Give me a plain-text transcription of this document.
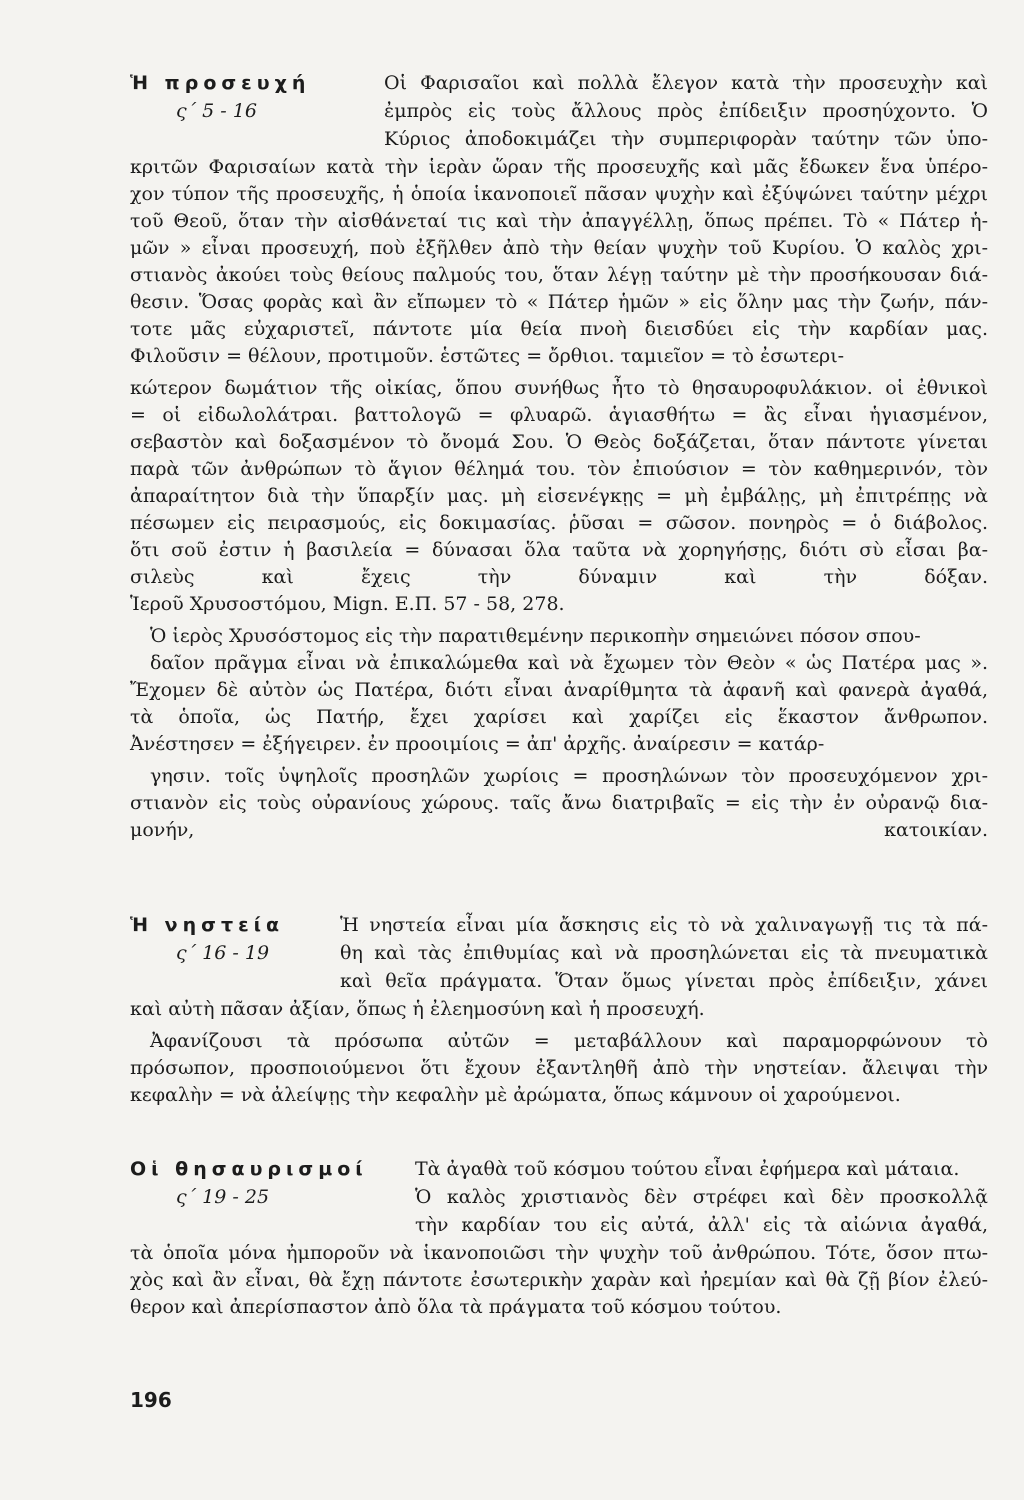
Ἡ προσευχή
ς΄ 5 - 16
Οἱ Φαρισαῖοι καὶ πολλὰ ἔλεγον κατὰ τὴν προσευχὴν καὶ
ἐμπρὸς εἰς τοὺς ἄλλους πρὸς ἐπίδειξιν προσηύχοντο. Ὁ
Κύριος ἀποδοκιμάζει τὴν συμπεριφορὰν ταύτην τῶν ὑπο-
κριτῶν Φαρισαίων κατὰ τὴν ἱερὰν ὥραν τῆς προσευχῆς καὶ μᾶς ἔδωκεν ἕνα ὑπέρο-
χον τύπον τῆς προσευχῆς, ἡ ὁποία ἱκανοποιεῖ πᾶσαν ψυχὴν καὶ ἐξύψώνει ταύτην μέχρι
τοῦ Θεοῦ, ὅταν τὴν αἰσθάνεταί τις καὶ τὴν ἀπαγγέλλῃ, ὅπως πρέπει. Τὸ « Πάτερ ἡ-
μῶν » εἶναι προσευχή, ποὺ ἐξῆλθεν ἀπὸ τὴν θείαν ψυχὴν τοῦ Κυρίου. Ὁ καλὸς χρι-
στιανὸς ἀκούει τοὺς θείους παλμούς του, ὅταν λέγῃ ταύτην μὲ τὴν προσήκουσαν διά-
θεσιν. Ὅσας φορὰς καὶ ἂν εἴπωμεν τὸ « Πάτερ ἡμῶν » εἰς ὅλην μας τὴν ζωήν, πάν-
τοτε μᾶς εὐχαριστεῖ, πάντοτε μία θεία πνοὴ διεισδύει εἰς τὴν καρδίαν μας.
Φιλοῦσιν = θέλουν, προτιμοῦν. ἑστῶτες = ὄρθιοι. ταμιεῖον = τὸ ἐσωτερι-
κώτερον δωμάτιον τῆς οἰκίας, ὅπου συνήθως ἦτο τὸ θησαυροφυλάκιον. οἱ ἐθνικοὶ
= οἱ εἰδωλολάτραι. βαττολογῶ = φλυαρῶ. ἁγιασθήτω = ἂς εἶναι ἡγιασμένον,
σεβαστὸν καὶ δοξασμένον τὸ ὄνομά Σου. Ὁ Θεὸς δοξάζεται, ὅταν πάντοτε γίνεται
παρὰ τῶν ἀνθρώπων τὸ ἅγιον θέλημά του. τὸν ἐπιούσιον = τὸν καθημερινόν, τὸν
ἀπαραίτητον διὰ τὴν ὕπαρξίν μας. μὴ εἰσενέγκῃς = μὴ ἐμβάλῃς, μὴ ἐπιτρέπῃς νὰ
πέσωμεν εἰς πειρασμούς, εἰς δοκιμασίας. ῥῦσαι = σῶσον. πονηρὸς = ὁ διάβολος.
ὅτι σοῦ ἐστιν ἡ βασιλεία = δύνασαι ὅλα ταῦτα νὰ χορηγήσῃς, διότι σὺ εἶσαι βα-
σιλεὺς καὶ ἔχεις τὴν δύναμιν καὶ τὴν δόξαν.
Ἱεροῦ Χρυσοστόμου, Mign. Ε.Π. 57 - 58, 278.
Ὁ ἱερὸς Χρυσόστομος εἰς τὴν παρατιθεμένην περικοπὴν σημειώνει πόσον σπου-
δαῖον πρᾶγμα εἶναι νὰ ἐπικαλώμεθα καὶ νὰ ἔχωμεν τὸν Θεὸν « ὡς Πατέρα μας ».
Ἔχομεν δὲ αὐτὸν ὡς Πατέρα, διότι εἶναι ἀναρίθμητα τὰ ἀφανῆ καὶ φανερὰ ἀγαθά,
τὰ ὁποῖα, ὡς Πατήρ, ἔχει χαρίσει καὶ χαρίζει εἰς ἕκαστον ἄνθρωπον.
Ἀνέστησεν = ἐξήγειρεν. ἐν προοιμίοις = ἀπ' ἀρχῆς. ἀναίρεσιν = κατάρ-
γησιν. τοῖς ὑψηλοῖς προσηλῶν χωρίοις = προσηλώνων τὸν προσευχόμενον χρι-
στιανὸν εἰς τοὺς οὐρανίους χώρους. ταῖς ἄνω διατριβαῖς = εἰς τὴν ἐν οὐρανῷ δια-
μονήν, κατοικίαν.
Ἡ νηστεία
ς΄ 16 - 19
Ἡ νηστεία εἶναι μία ἄσκησις εἰς τὸ νὰ χαλιναγωγῇ τις τὰ πά-
θη καὶ τὰς ἐπιθυμίας καὶ νὰ προσηλώνεται εἰς τὰ πνευματικὰ
καὶ θεῖα πράγματα. Ὅταν ὅμως γίνεται πρὸς ἐπίδειξιν, χάνει
καὶ αὐτὴ πᾶσαν ἀξίαν, ὅπως ἡ ἐλεημοσύνη καὶ ἡ προσευχή.
Ἀφανίζουσι τὰ πρόσωπα αὐτῶν = μεταβάλλουν καὶ παραμορφώνουν τὸ
πρόσωπον, προσποιούμενοι ὅτι ἔχουν ἐξαντληθῆ ἀπὸ τὴν νηστείαν. ἄλειψαι τὴν
κεφαλὴν = νὰ ἀλείψῃς τὴν κεφαλὴν μὲ ἀρώματα, ὅπως κάμνουν οἱ χαρούμενοι.
Οἱ θησαυρισμοί
ς΄ 19 - 25
Τὰ ἀγαθὰ τοῦ κόσμου τούτου εἶναι ἐφήμερα καὶ μάταια.
Ὁ καλὸς χριστιανὸς δὲν στρέφει καὶ δὲν προσκολλᾷ
τὴν καρδίαν του εἰς αὐτά, ἀλλ' εἰς τὰ αἰώνια ἀγαθά,
τὰ ὁποῖα μόνα ἠμποροῦν νὰ ἱκανοποιῶσι τὴν ψυχὴν τοῦ ἀνθρώπου. Τότε, ὅσον πτω-
χὸς καὶ ἂν εἶναι, θὰ ἔχῃ πάντοτε ἐσωτερικὴν χαρὰν καὶ ἠρεμίαν καὶ θὰ ζῇ βίον ἐλεύ-
θερον καὶ ἀπερίσπαστον ἀπὸ ὅλα τὰ πράγματα τοῦ κόσμου τούτου.
196
